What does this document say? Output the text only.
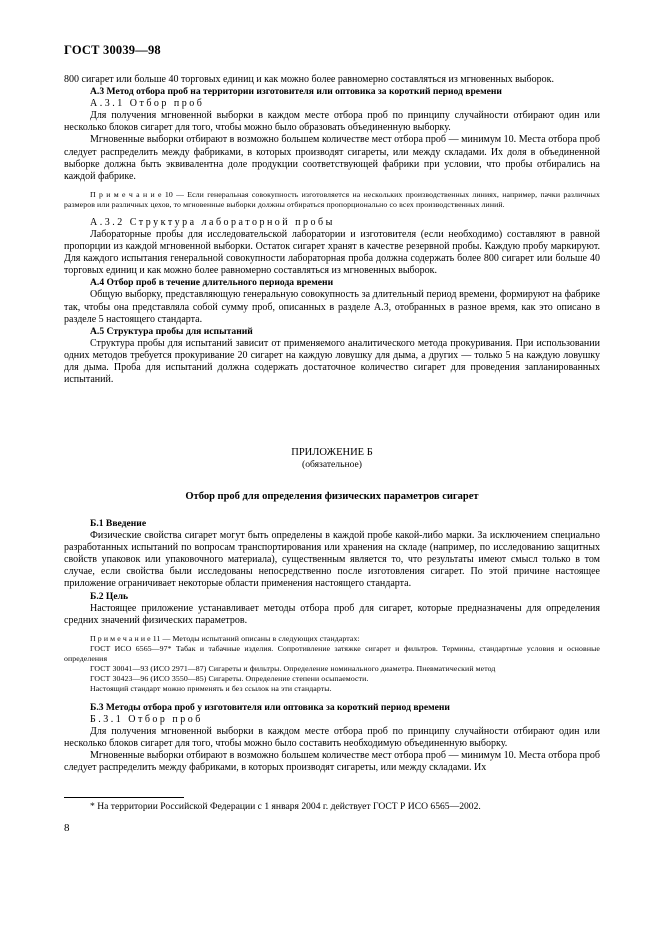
ГОСТ 30039—98

800 сигарет или больше 40 торговых единиц и как можно более равномерно составляться из мгновенных выборок.

А.3 Метод отбора проб на территории изготовителя или оптовика за короткий период времени

А.3.1 Отбор проб

Для получения мгновенной выборки в каждом месте отбора проб по принципу случайности отбирают один или несколько блоков сигарет для того, чтобы можно было образовать объединенную выборку.

Мгновенные выборки отбирают в возможно большем количестве мест отбора проб — минимум 10. Места отбора проб следует распределить между фабриками, в которых производят сигареты, или между складами. Их доля в объединенной выборке должна быть эквивалентна доле продукции соответствующей фабрики при условии, что пробы отбирались на каждой фабрике.

П р и м е ч а н и е 10 — Если генеральная совокупность изготовляется на нескольких производственных линиях, например, пачки различных размеров или различных цехов, то мгновенные выборки должны отбираться пропорционально со всех производственных линий.

А.3.2 Структура лабораторной пробы

Лабораторные пробы для исследовательской лаборатории и изготовителя (если необходимо) составляют в равной пропорции из каждой мгновенной выборки. Остаток сигарет хранят в качестве резервной пробы. Каждую пробу маркируют. Для каждого испытания генеральной совокупности лабораторная проба должна содержать более 800 сигарет или больше 40 торговых единиц и как можно более равномерно составляться из мгновенных выборок.

А.4 Отбор проб в течение длительного периода времени

Общую выборку, представляющую генеральную совокупность за длительный период времени, формируют на фабрике так, чтобы она представляла собой сумму проб, описанных в разделе А.3, отобранных в разное время, как это описано в разделе 5 настоящего стандарта.

А.5 Структура пробы для испытаний

Структура пробы для испытаний зависит от применяемого аналитического метода прокуривания. При использовании одних методов требуется прокуривание 20 сигарет на каждую ловушку для дыма, а других — только 5 на каждую ловушку для дыма. Проба для испытаний должна содержать достаточное количество сигарет для проведения запланированных испытаний.

ПРИЛОЖЕНИЕ Б

(обязательное)

Отбор проб для определения физических параметров сигарет

Б.1 Введение

Физические свойства сигарет могут быть определены в каждой пробе какой-либо марки. За исключением специально разработанных испытаний по вопросам транспортирования или хранения на складе (например, по исследованию защитных свойств упаковок или упаковочного материала), существенным является то, что результаты имеют смысл только в том случае, если свойства были исследованы непосредственно после изготовления сигарет. По этой причине настоящее приложение ограничивает некоторые области применения настоящего стандарта.

Б.2 Цель

Настоящее приложение устанавливает методы отбора проб для сигарет, которые предназначены для определения средних значений физических параметров.

П р и м е ч а н и е 11 — Методы испытаний описаны в следующих стандартах:
ГОСТ ИСО 6565—97* Табак и табачные изделия. Сопротивление затяжке сигарет и фильтров. Термины, стандартные условия и основные определения
ГОСТ 30041—93 (ИСО 2971—87) Сигареты и фильтры. Определение номинального диаметра. Пневматический метод
ГОСТ 30423—96 (ИСО 3550—85) Сигареты. Определение степени осыпаемости.
Настоящий стандарт можно применять и без ссылок на эти стандарты.

Б.3 Методы отбора проб у изготовителя или оптовика за короткий период времени

Б.3.1 Отбор проб

Для получения мгновенной выборки в каждом месте отбора проб по принципу случайности отбирают один или несколько блоков сигарет для того, чтобы можно было составить необходимую объединенную выборку.

Мгновенные выборки отбирают в возможно большем количестве мест отбора проб — минимум 10. Места отбора проб следует распределить между фабриками, в которых производят сигареты, или между складами. Их

* На территории Российской Федерации с 1 января 2004 г. действует ГОСТ Р ИСО 6565—2002.
8
